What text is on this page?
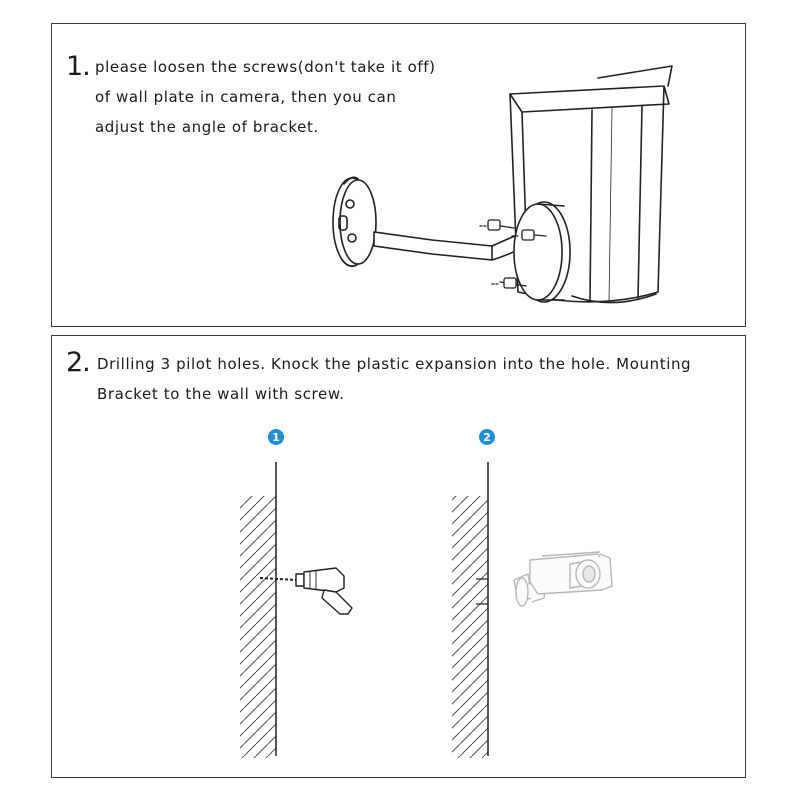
1. please loosen the screws(don't take it off)
of wall plate in camera, then you can
adjust the angle of bracket.
2. Drilling 3 pilot holes. Knock the plastic expansion into the hole. Mounting
Bracket to the wall with screw.
1	2
